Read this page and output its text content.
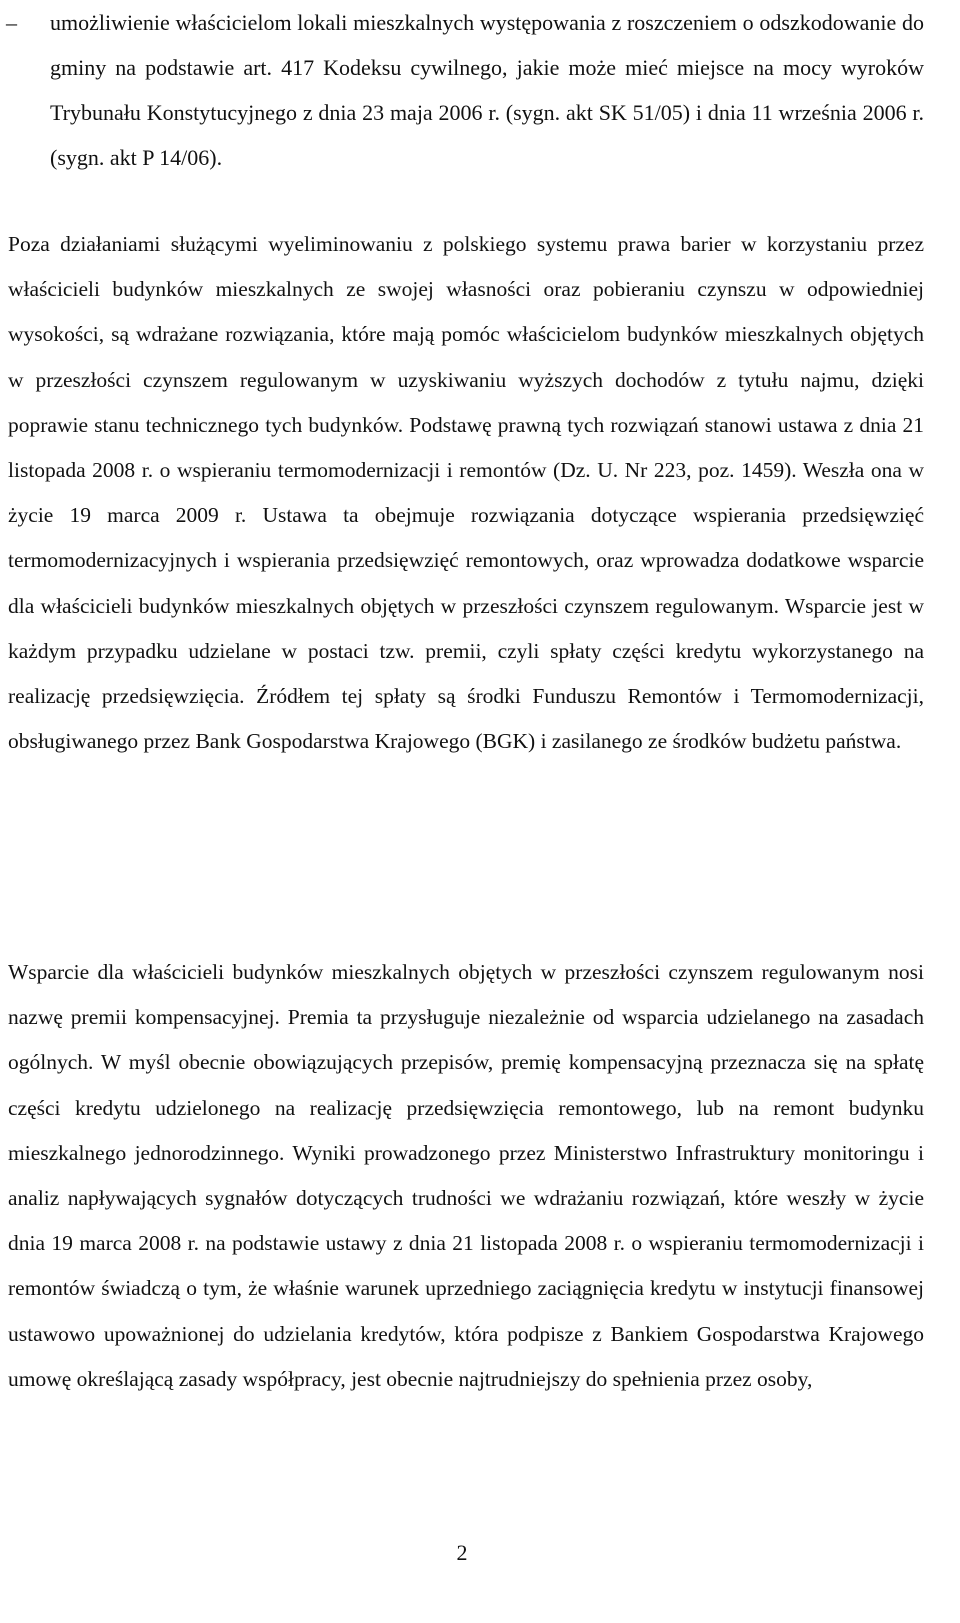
– umożliwienie właścicielom lokali mieszkalnych występowania z roszczeniem o odszkodowanie do gminy na podstawie art. 417 Kodeksu cywilnego, jakie może mieć miejsce na mocy wyroków Trybunału Konstytucyjnego z dnia 23 maja 2006 r. (sygn. akt SK 51/05) i dnia 11 września 2006 r. (sygn. akt P 14/06).

Poza działaniami służącymi wyeliminowaniu z polskiego systemu prawa barier w korzystaniu przez właścicieli budynków mieszkalnych ze swojej własności oraz pobieraniu czynszu w odpowiedniej wysokości, są wdrażane rozwiązania, które mają pomóc właścicielom budynków mieszkalnych objętych w przeszłości czynszem regulowanym w uzyskiwaniu wyższych dochodów z tytułu najmu, dzięki poprawie stanu technicznego tych budynków. Podstawę prawną tych rozwiązań stanowi ustawa z dnia 21 listopada 2008 r. o wspieraniu termomodernizacji i remontów (Dz. U. Nr 223, poz. 1459). Weszła ona w życie 19 marca 2009 r. Ustawa ta obejmuje rozwiązania dotyczące wspierania przedsięwzięć termomodernizacyjnych i wspierania przedsięwzięć remontowych, oraz wprowadza dodatkowe wsparcie dla właścicieli budynków mieszkalnych objętych w przeszłości czynszem regulowanym. Wsparcie jest w każdym przypadku udzielane w postaci tzw. premii, czyli spłaty części kredytu wykorzystanego na realizację przedsięwzięcia. Źródłem tej spłaty są środki Funduszu Remontów i Termomodernizacji, obsługiwanego przez Bank Gospodarstwa Krajowego (BGK) i zasilanego ze środków budżetu państwa.

Wsparcie dla właścicieli budynków mieszkalnych objętych w przeszłości czynszem regulowanym nosi nazwę premii kompensacyjnej. Premia ta przysługuje niezależnie od wsparcia udzielanego na zasadach ogólnych. W myśl obecnie obowiązujących przepisów, premię kompensacyjną przeznacza się na spłatę części kredytu udzielonego na realizację przedsięwzięcia remontowego, lub na remont budynku mieszkalnego jednorodzinnego. Wyniki prowadzonego przez Ministerstwo Infrastruktury monitoringu i analiz napływających sygnałów dotyczących trudności we wdrażaniu rozwiązań, które weszły w życie dnia 19 marca 2008 r. na podstawie ustawy z dnia 21 listopada 2008 r. o wspieraniu termomodernizacji i remontów świadczą o tym, że właśnie warunek uprzedniego zaciągnięcia kredytu w instytucji finansowej ustawowo upoważnionej do udzielania kredytów, która podpisze z Bankiem Gospodarstwa Krajowego umowę określającą zasady współpracy, jest obecnie najtrudniejszy do spełnienia przez osoby,

2
